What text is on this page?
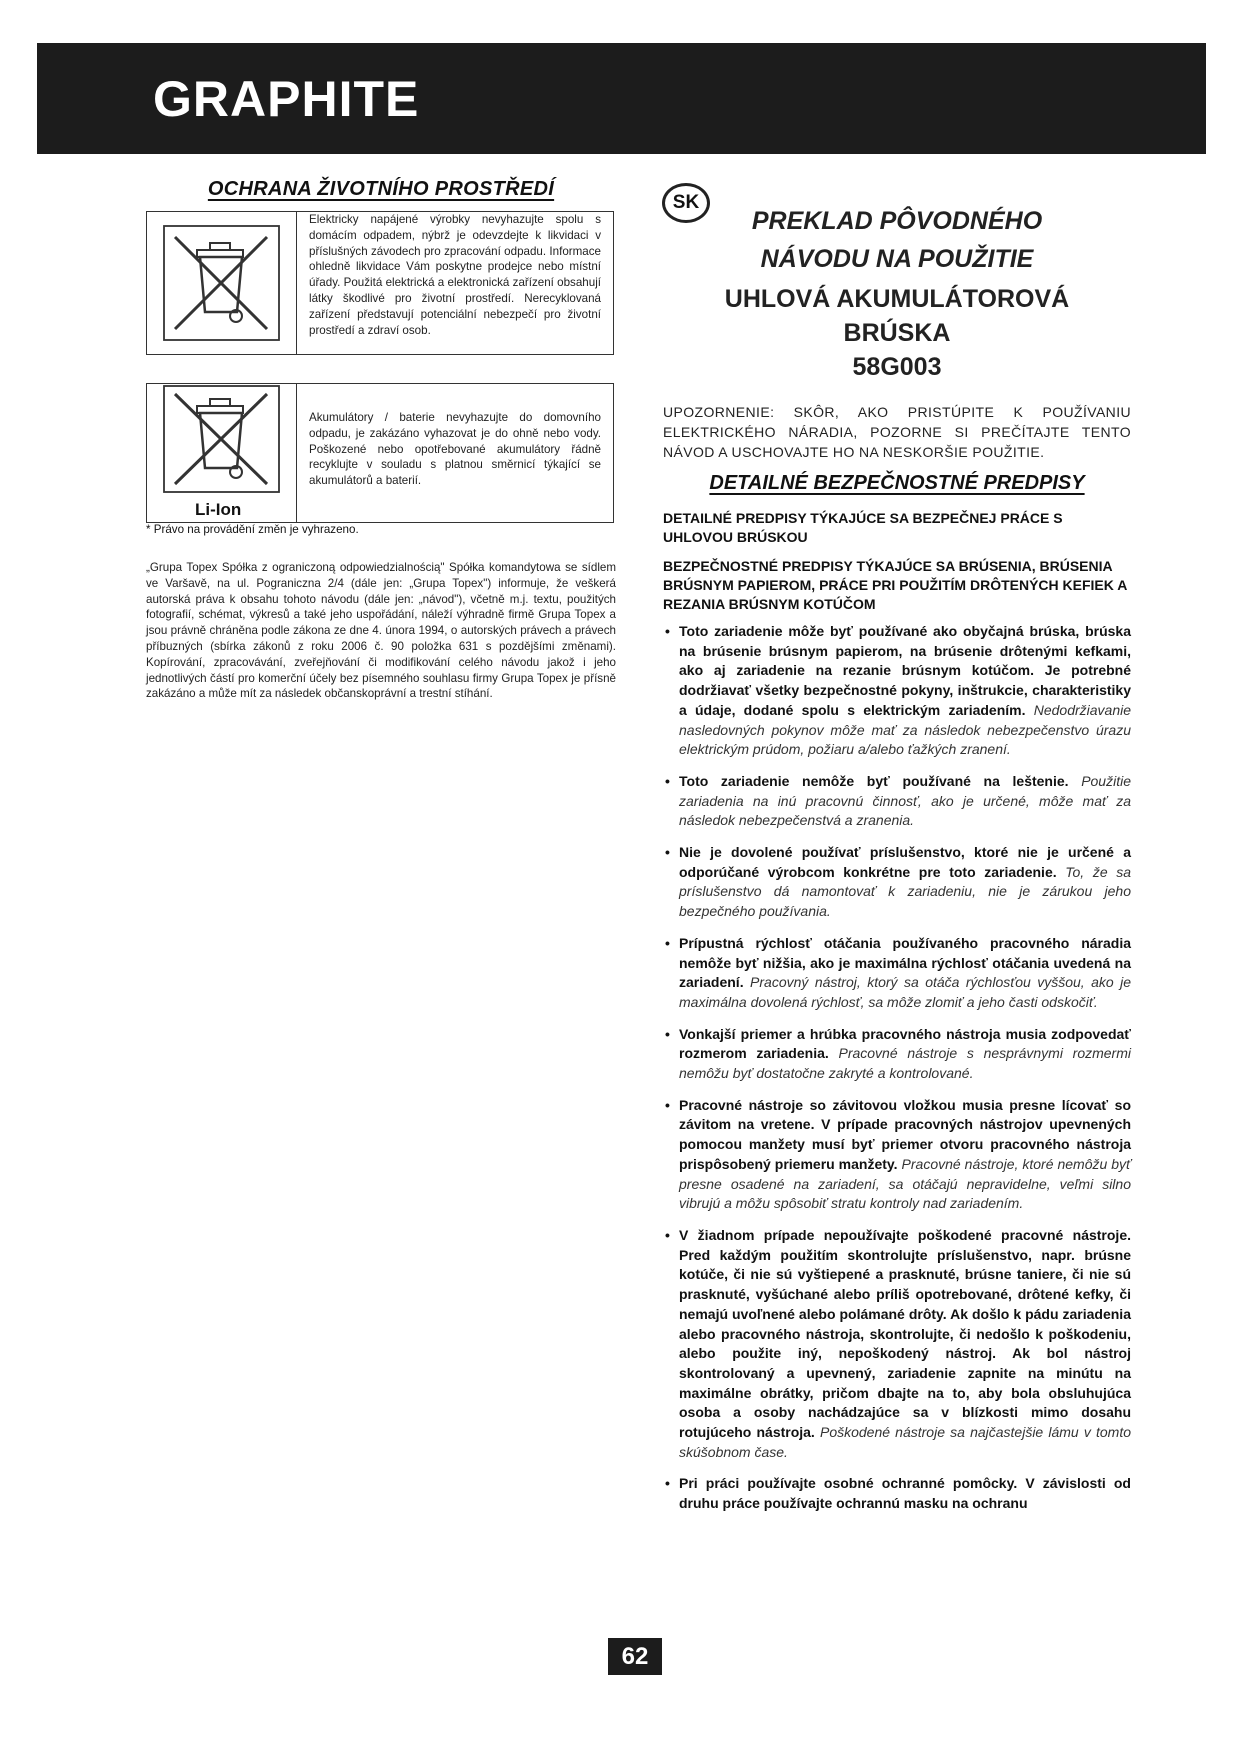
GRAPHITE
OCHRANA ŽIVOTNÍHO PROSTŘEDÍ
Elektricky napájené výrobky nevyhazujte spolu s domácím odpadem, nýbrž je odevzdejte k likvidaci v příslušných závodech pro zpracování odpadu. Informace ohledně likvidace Vám poskytne prodejce nebo místní úřady. Použitá elektrická a elektronická zařízení obsahují látky škodlivé pro životní prostředí. Nerecyklovaná zařízení představují potenciální nebezpečí pro životní prostředí a zdraví osob.
Li-Ion
Akumulátory / baterie nevyhazujte do domovního odpadu, je zakázáno vyhazovat je do ohně nebo vody. Poškozené nebo opotřebované akumulátory řádně recyklujte v souladu s platnou směrnicí týkající se akumulátorů a baterií.
* Právo na provádění změn je vyhrazeno.
„Grupa Topex Spółka z ograniczoną odpowiedzialnością" Spółka komandytowa se sídlem ve Varšavě, na ul. Pograniczna 2/4 (dále jen: „Grupa Topex") informuje, že veškerá autorská práva k obsahu tohoto návodu (dále jen: „návod"), včetně m.j. textu, použitých fotografií, schémat, výkresů a také jeho uspořádání, náleží výhradně firmě Grupa Topex a jsou právně chráněna podle zákona ze dne 4. února 1994, o autorských právech a právech příbuzných (sbírka zákonů z roku 2006 č. 90 položka 631 s pozdějšími změnami). Kopírování, zpracovávání, zveřejňování či modifikování celého návodu jakož i jeho jednotlivých částí pro komerční účely bez písemného souhlasu firmy Grupa Topex je přísně zakázáno a může mít za následek občanskoprávní a trestní stíhání.
SK
PREKLAD PÔVODNÉHO
NÁVODU NA POUŽITIE
UHLOVÁ AKUMULÁTOROVÁ
BRÚSKA
58G003
UPOZORNENIE: SKÔR, AKO PRISTÚPITE K POUŽÍVANIU ELEKTRICKÉHO NÁRADIA, POZORNE SI PREČÍTAJTE TENTO NÁVOD A USCHOVAJTE HO NA NESKORŠIE POUŽITIE.
DETAILNÉ BEZPEČNOSTNÉ PREDPISY
DETAILNÉ PREDPISY TÝKAJÚCE SA BEZPEČNEJ PRÁCE S UHLOVOU BRÚSKOU
BEZPEČNOSTNÉ PREDPISY TÝKAJÚCE SA BRÚSENIA, BRÚSENIA BRÚSNYM PAPIEROM, PRÁCE PRI POUŽITÍM DRÔTENÝCH KEFIEK A REZANIA BRÚSNYM KOTÚČOM
• Toto zariadenie môže byť používané ako obyčajná brúska, brúska na brúsenie brúsnym papierom, na brúsenie drôtenými kefkami, ako aj zariadenie na rezanie brúsnym kotúčom. Je potrebné dodržiavať všetky bezpečnostné pokyny, inštrukcie, charakteristiky a údaje, dodané spolu s elektrickým zariadením. Nedodržiavanie nasledovných pokynov môže mať za následok nebezpečenstvo úrazu elektrickým prúdom, požiaru a/alebo ťažkých zranení.
• Toto zariadenie nemôže byť používané na leštenie. Použitie zariadenia na inú pracovnú činnosť, ako je určené, môže mať za následok nebezpečenstvá a zranenia.
• Nie je dovolené používať príslušenstvo, ktoré nie je určené a odporúčané výrobcom konkrétne pre toto zariadenie. To, že sa príslušenstvo dá namontovať k zariadeniu, nie je zárukou jeho bezpečného používania.
• Prípustná rýchlosť otáčania používaného pracovného náradia nemôže byť nižšia, ako je maximálna rýchlosť otáčania uvedená na zariadení. Pracovný nástroj, ktorý sa otáča rýchlosťou vyššou, ako je maximálna dovolená rýchlosť, sa môže zlomiť a jeho časti odskočiť.
• Vonkajší priemer a hrúbka pracovného nástroja musia zodpovedať rozmerom zariadenia. Pracovné nástroje s nesprávnymi rozmermi nemôžu byť dostatočne zakryté a kontrolované.
• Pracovné nástroje so závitovou vložkou musia presne lícovať so závitom na vretene. V prípade pracovných nástrojov upevnených pomocou manžety musí byť priemer otvoru pracovného nástroja prispôsobený priemeru manžety. Pracovné nástroje, ktoré nemôžu byť presne osadené na zariadení, sa otáčajú nepravidelne, veľmi silno vibrujú a môžu spôsobiť stratu kontroly nad zariadením.
• V žiadnom prípade nepoužívajte poškodené pracovné nástroje. Pred každým použitím skontrolujte príslušenstvo, napr. brúsne kotúče, či nie sú vyštiepené a prasknuté, brúsne taniere, či nie sú prasknuté, vyšúchané alebo príliš opotrebované, drôtené kefky, či nemajú uvoľnené alebo polámané drôty. Ak došlo k pádu zariadenia alebo pracovného nástroja, skontrolujte, či nedošlo k poškodeniu, alebo použite iný, nepoškodený nástroj. Ak bol nástroj skontrolovaný a upevnený, zariadenie zapnite na minútu na maximálne obrátky, pričom dbajte na to, aby bola obsluhujúca osoba a osoby nachádzajúce sa v blízkosti mimo dosahu rotujúceho nástroja. Poškodené nástroje sa najčastejšie lámu v tomto skúšobnom čase.
• Pri práci používajte osobné ochranné pomôcky. V závislosti od druhu práce používajte ochrannú masku na ochranu
62
